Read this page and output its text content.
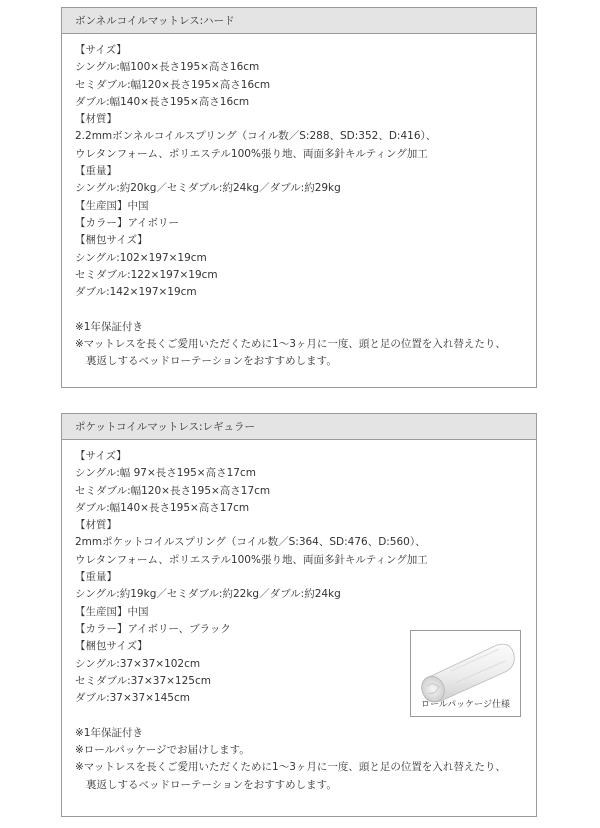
ボンネルコイルマットレス:ハード
【サイズ】
シングル:幅100×長さ195×高さ16cm
セミダブル:幅120×長さ195×高さ16cm
ダブル:幅140×長さ195×高さ16cm
【材質】
2.2mmボンネルコイルスプリング（コイル数／S:288、SD:352、D:416）、
ウレタンフォーム、ポリエステル100%張り地、両面多針キルティング加工
【重量】
シングル:約20kg／セミダブル:約24kg／ダブル:約29kg
【生産国】中国
【カラー】アイボリー
【梱包サイズ】
シングル:102×197×19cm
セミダブル:122×197×19cm
ダブル:142×197×19cm
※1年保証付き
※マットレスを長くご愛用いただくために1〜3ヶ月に一度、頭と足の位置を入れ替えたり、
裏返しするベッドローテーションをおすすめします。
ポケットコイルマットレス:レギュラー
【サイズ】
シングル:幅 97×長さ195×高さ17cm
セミダブル:幅120×長さ195×高さ17cm
ダブル:幅140×長さ195×高さ17cm
【材質】
2mmポケットコイルスプリング（コイル数／S:364、SD:476、D:560）、
ウレタンフォーム、ポリエステル100%張り地、両面多針キルティング加工
【重量】
シングル:約19kg／セミダブル:約22kg／ダブル:約24kg
【生産国】中国
【カラー】アイボリー、ブラック
【梱包サイズ】
シングル:37×37×102cm
セミダブル:37×37×125cm
ダブル:37×37×145cm
※1年保証付き
※ロールパッケージでお届けします。
※マットレスを長くご愛用いただくために1〜3ヶ月に一度、頭と足の位置を入れ替えたり、
裏返しするベッドローテーションをおすすめします。
ロールパッケージ仕様
